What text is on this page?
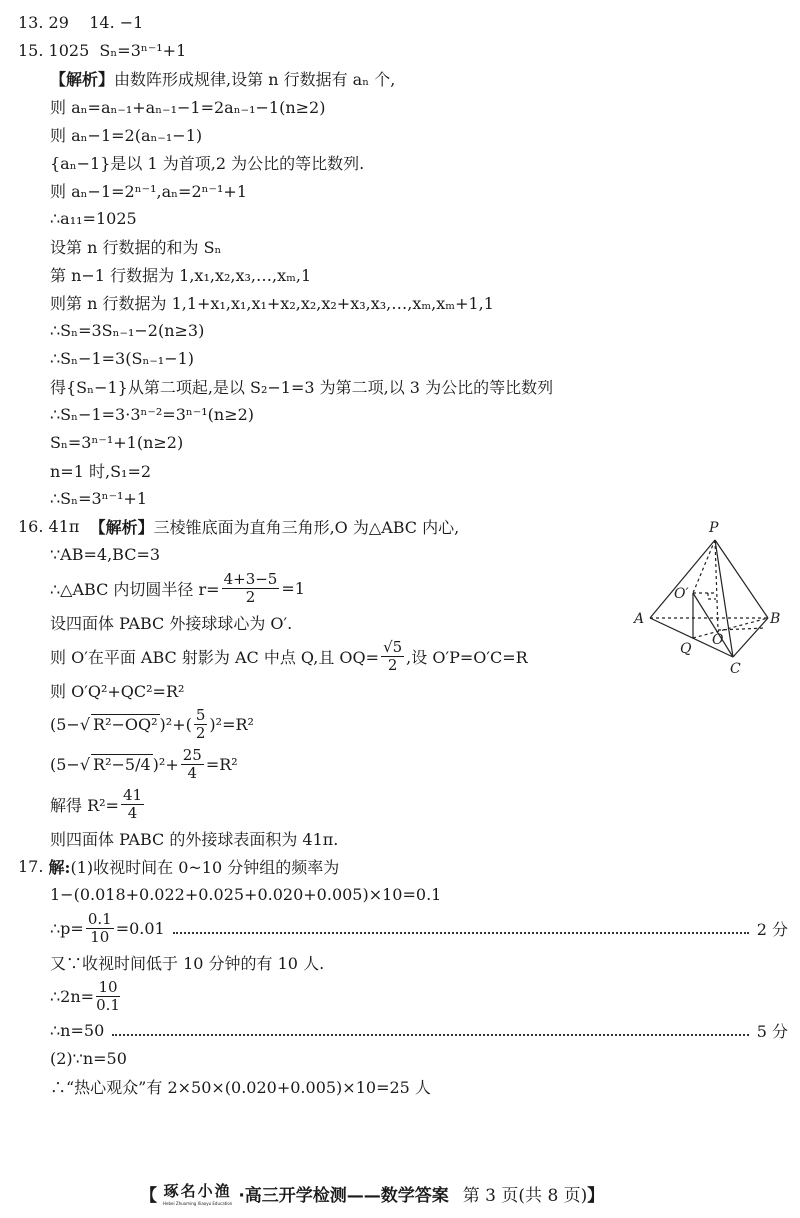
13. 29    14. −1
15. 1025  Sₙ=3ⁿ⁻¹+1
【解析】 由数阵形成规律,设第 n 行数据有 aₙ 个,
则 aₙ=aₙ₋₁+aₙ₋₁−1=2aₙ₋₁−1(n≥2)
则 aₙ−1=2(aₙ₋₁−1)
{aₙ−1}是以 1 为首项,2 为公比的等比数列.
则 aₙ−1=2ⁿ⁻¹,aₙ=2ⁿ⁻¹+1
∴a₁₁=1025
设第 n 行数据的和为 Sₙ
第 n−1 行数据为 1,x₁,x₂,x₃,…,xₘ,1
则第 n 行数据为 1,1+x₁,x₁,x₁+x₂,x₂,x₂+x₃,x₃,…,xₘ,xₘ+1,1
∴Sₙ=3Sₙ₋₁−2(n≥3)
∴Sₙ−1=3(Sₙ₋₁−1)
得{Sₙ−1}从第二项起,是以 S₂−1=3 为第二项,以 3 为公比的等比数列
∴Sₙ−1=3·3ⁿ⁻²=3ⁿ⁻¹(n≥2)
Sₙ=3ⁿ⁻¹+1(n≥2)
n=1 时,S₁=2
∴Sₙ=3ⁿ⁻¹+1
16. 41π 【解析】 三棱锥底面为直角三角形,O 为△ABC 内心,
∵AB=4,BC=3
∴△ABC 内切圆半径 $r= \frac{4+3-5}{2} =1$
设四面体 PABC 外接球球心为 O′.
则 O′在平面 ABC 射影为 AC 中点 Q,且 $OQ= \frac{√5}{2}$ ,设 O′P=O′C=R
则 O′Q²+QC²=R²
(5−√ R²−OQ² )$^2+( \frac{5}{2} )^2=R^2$
(5−√ R²−5/4 )$^2+ \frac{25}{4} =R^2$
解得 $R^2= \frac{41}{4}$
则四面体 PABC 的外接球表面积为 41π.
17. 解: (1)收视时间在 0~10 分钟组的频率为
1−(0.018+0.022+0.025+0.020+0.005)×10=0.1
∴p= $\frac{0.1}{10} =0.01$	2 分
又∵收视时间低于 10 分钟的有 10 人.
∴2n= $\frac{10}{0.1}$
∴n=50	5 分
(2)∵n=50
∴“热心观众”有 2×50×(0.020+0.005)×10=25 人
P
A	B
C
O
Q
O′
【 琢名小渔
Hebei Zhuoming Xiaoyu Education ·高三开学检测——数学答案 第 3 页(共 8 页) 】
